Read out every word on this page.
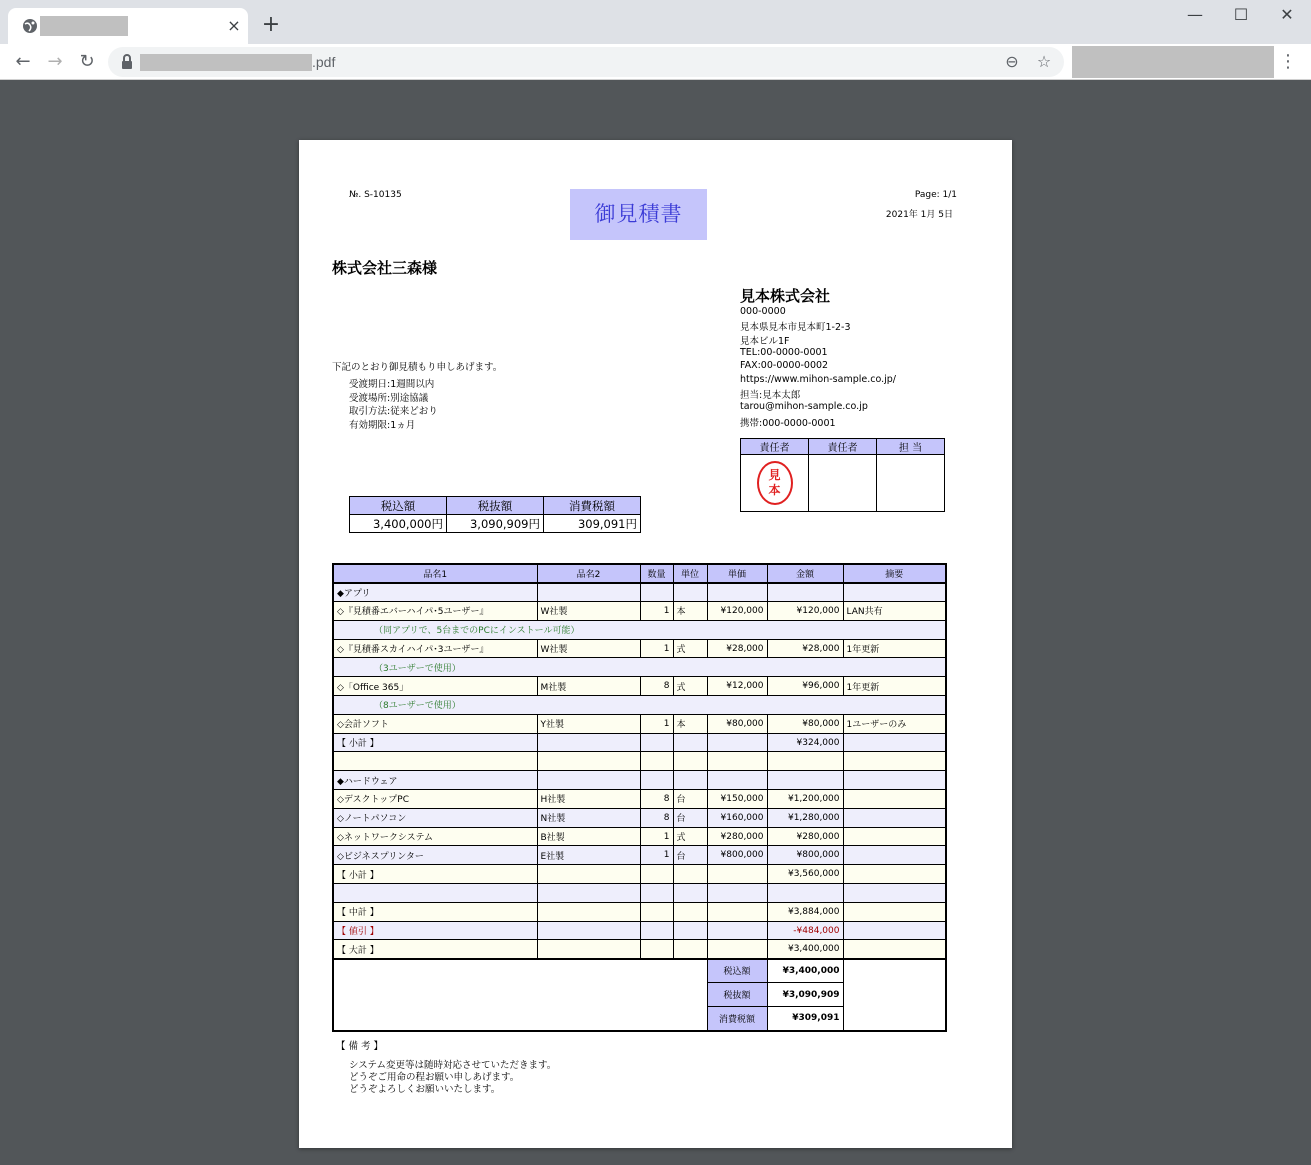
× +	—	☐	✕
← → ↻	.pdf	⊖ ☆	⋮
№. S-10135
御見積書
Page: 1/1
2021年 1月 5日
株式会社三森様
見本株式会社
000-0000
見本県見本市見本町1-2-3
見本ビル1F
TEL:00-0000-0001
FAX:00-0000-0002
https://www.mihon-sample.co.jp/
担当:見本太郎
tarou@mihon-sample.co.jp
携帯:000-0000-0001
下記のとおり御見積もり申しあげます。
受渡期日:1週間以内
受渡場所:別途協議
取引方法:従来どおり
有効期限:1ヵ月
責任者	責任者	担 当
見
本		
税込額	税抜額	消費税額
3,400,000円	3,090,909円	309,091円
品名1	品名2	数量	単位	単価	金額	摘要
◆アプリ						
◇『見積番エバーハイパ･5ユーザー』	W社製	1	本	¥120,000	¥120,000	LAN共有
（同アプリで、5台までのPCにインストール可能）						
◇『見積番スカイハイパ･3ユーザー』	W社製	1	式	¥28,000	¥28,000	1年更新
（3ユーザーで使用）						
◇「Office 365」	M社製	8	式	¥12,000	¥96,000	1年更新
（8ユーザーで使用）						
◇会計ソフト	Y社製	1	本	¥80,000	¥80,000	1ユーザーのみ
【 小計 】					¥324,000	

◆ハードウェア						
◇デスクトップPC	H社製	8	台	¥150,000	¥1,200,000	
◇ノートパソコン	N社製	8	台	¥160,000	¥1,280,000	
◇ネットワークシステム	B社製	1	式	¥280,000	¥280,000	
◇ビジネスプリンター	E社製	1	台	¥800,000	¥800,000	
【 小計 】					¥3,560,000	

【 中計 】					¥3,884,000	
【 値引 】					-¥484,000	
【 大計 】					¥3,400,000	
				税込額	¥3,400,000	
				税抜額	¥3,090,909	
				消費税額	¥309,091	
【 備 考 】
システム変更等は随時対応させていただきます。
どうぞご用命の程お願い申しあげます。
どうぞよろしくお願いいたします。
